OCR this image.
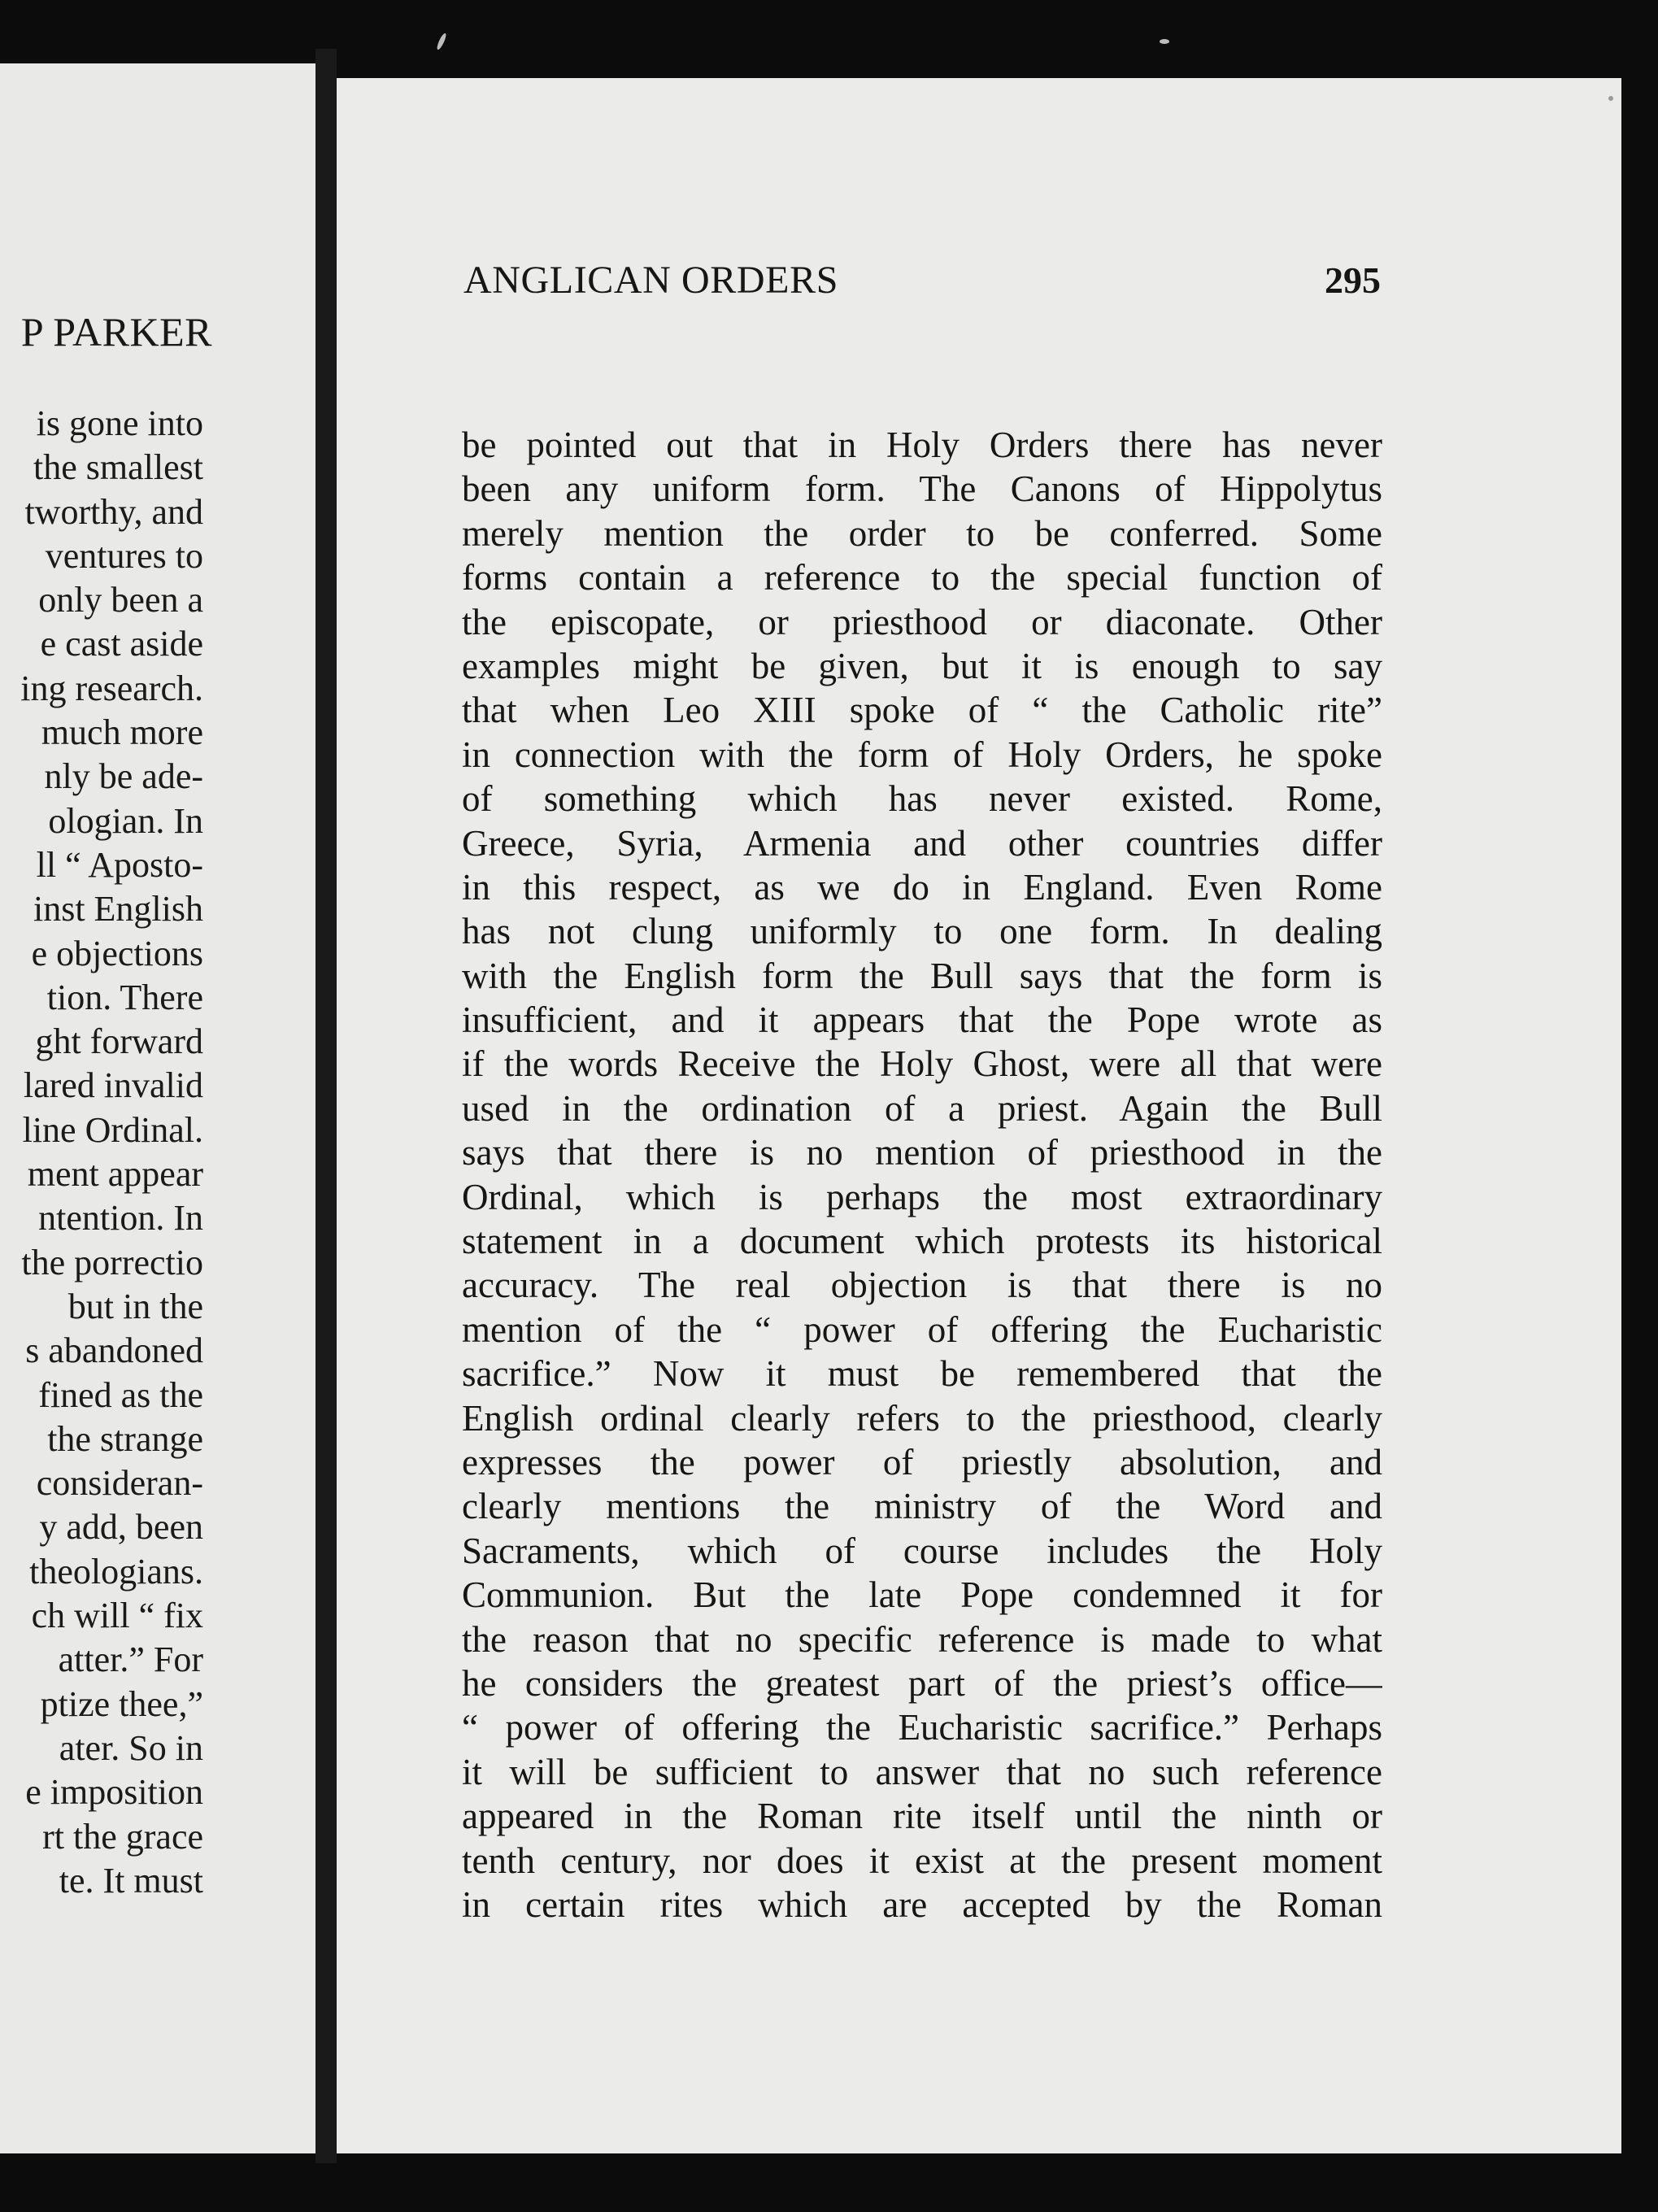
P PARKER
is gone into
the smallest
tworthy, and
ventures to
only been a
e cast aside
ing research.
much more
nly be ade-
ologian. In
ll “ Aposto-
inst English
e objections
tion. There
ght forward
lared invalid
line Ordinal.
ment appear
ntention. In
the porrectio
but in the
s abandoned
fined as the
the strange
consideran-
y add, been
theologians.
ch will “ fix
atter.” For
ptize thee,”
ater. So in
e imposition
rt the grace
te. It must
ANGLICAN ORDERS	295
be pointed out that in Holy Orders there has never
been any uniform form. The Canons of Hippolytus
merely mention the order to be conferred. Some
forms contain a reference to the special function of
the episcopate, or priesthood or diaconate. Other
examples might be given, but it is enough to say
that when Leo XIII spoke of “ the Catholic rite”
in connection with the form of Holy Orders, he spoke
of something which has never existed. Rome,
Greece, Syria, Armenia and other countries differ
in this respect, as we do in England. Even Rome
has not clung uniformly to one form. In dealing
with the English form the Bull says that the form is
insufficient, and it appears that the Pope wrote as
if the words Receive the Holy Ghost, were all that were
used in the ordination of a priest. Again the Bull
says that there is no mention of priesthood in the
Ordinal, which is perhaps the most extraordinary
statement in a document which protests its historical
accuracy. The real objection is that there is no
mention of the “ power of offering the Eucharistic
sacrifice.” Now it must be remembered that the
English ordinal clearly refers to the priesthood, clearly
expresses the power of priestly absolution, and
clearly mentions the ministry of the Word and
Sacraments, which of course includes the Holy
Communion. But the late Pope condemned it for
the reason that no specific reference is made to what
he considers the greatest part of the priest’s office—
“ power of offering the Eucharistic sacrifice.” Perhaps
it will be sufficient to answer that no such reference
appeared in the Roman rite itself until the ninth or
tenth century, nor does it exist at the present moment
in certain rites which are accepted by the Roman
